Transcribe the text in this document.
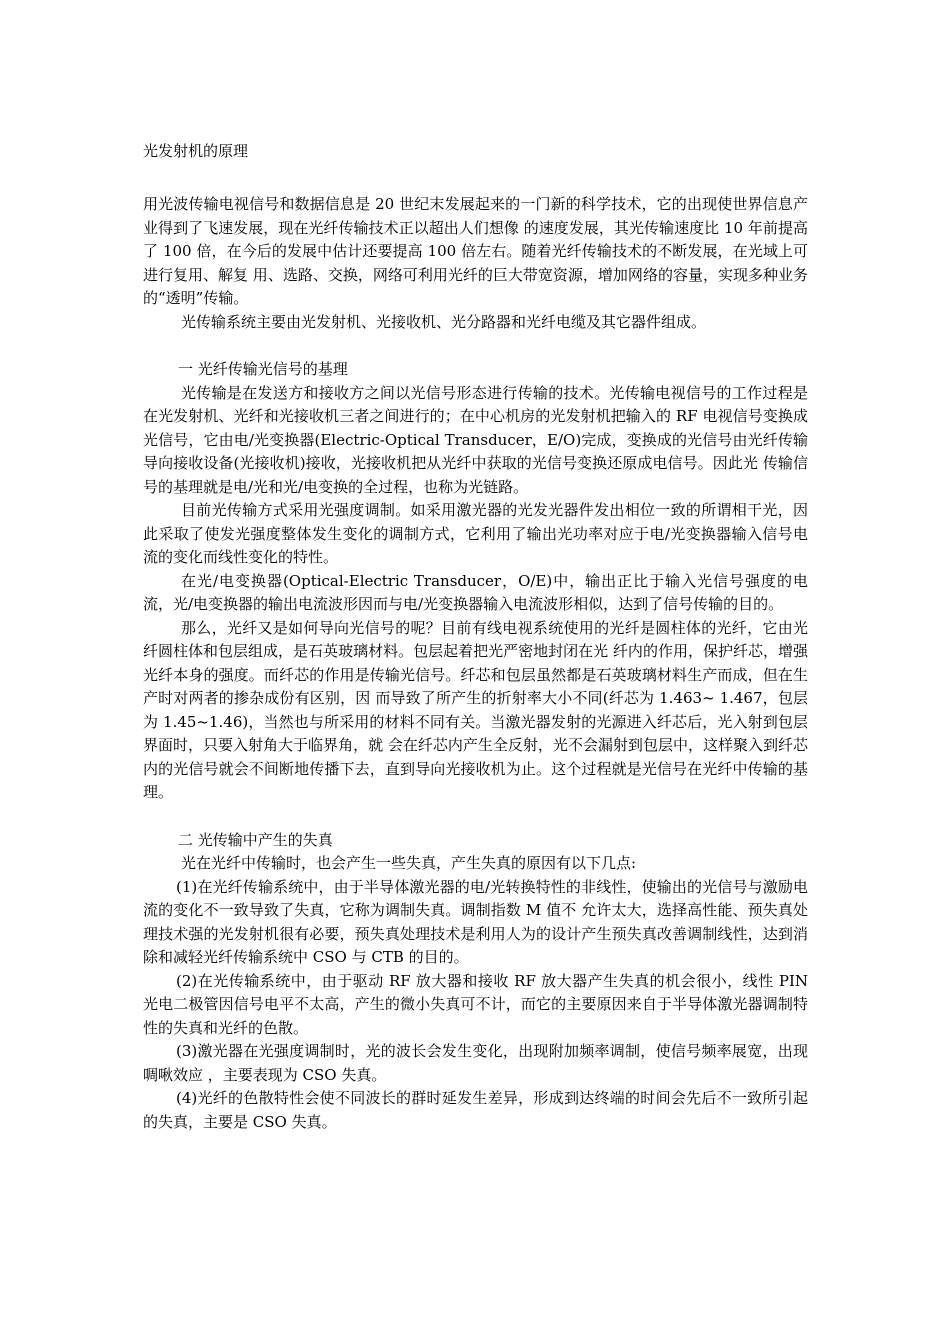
光发射机的原理

用光波传输电视信号和数据信息是 20 世纪末发展起来的一门新的科学技术，它的出现使世界信息产业得到了飞速发展，现在光纤传输技术正以超出人们想像 的速度发展，其光传输速度比 10 年前提高了 100 倍，在今后的发展中估计还要提高 100 倍左右。随着光纤传输技术的不断发展，在光域上可进行复用、解复 用、选路、交换，网络可利用光纤的巨大带宽资源，增加网络的容量，实现多种业务的“透明”传输。

光传输系统主要由光发射机、光接收机、光分路器和光纤电缆及其它器件组成。

一 光纤传输光信号的基理

光传输是在发送方和接收方之间以光信号形态进行传输的技术。光传输电视信号的工作过程是在光发射机、光纤和光接收机三者之间进行的；在中心机房的光发射机把输入的 RF 电视信号变换成光信号，它由电/光变换器(Electric-Optical Transducer，E/O)完成，变换成的光信号由光纤传输导向接收设备(光接收机)接收，光接收机把从光纤中获取的光信号变换还原成电信号。因此光 传输信号的基理就是电/光和光/电变换的全过程，也称为光链路。

目前光传输方式采用光强度调制。如采用激光器的光发光器件发出相位一致的所谓相干光，因此采取了使发光强度整体发生变化的调制方式，它利用了输出光功率对应于电/光变换器输入信号电流的变化而线性变化的特性。

在光/电变换器(Optical-Electric Transducer，O/E)中，输出正比于输入光信号强度的电流，光/电变换器的输出电流波形因而与电/光变换器输入电流波形相似，达到了信号传输的目的。

那么，光纤又是如何导向光信号的呢？目前有线电视系统使用的光纤是圆柱体的光纤，它由光纤圆柱体和包层组成，是石英玻璃材料。包层起着把光严密地封闭在光 纤内的作用，保护纤芯，增强光纤本身的强度。而纤芯的作用是传输光信号。纤芯和包层虽然都是石英玻璃材料生产而成，但在生产时对两者的掺杂成份有区别，因 而导致了所产生的折射率大小不同(纤芯为 1.463~ 1.467，包层为 1.45~1.46)，当然也与所采用的材料不同有关。当激光器发射的光源进入纤芯后，光入射到包层界面时，只要入射角大于临界角，就 会在纤芯内产生全反射，光不会漏射到包层中，这样聚入到纤芯内的光信号就会不间断地传播下去，直到导向光接收机为止。这个过程就是光信号在光纤中传输的基 理。

二 光传输中产生的失真

光在光纤中传输时，也会产生一些失真，产生失真的原因有以下几点:

(1)在光纤传输系统中，由于半导体激光器的电/光转换特性的非线性，使输出的光信号与激励电流的变化不一致导致了失真，它称为调制失真。调制指数 M 值不 允许太大，选择高性能、预失真处理技术强的光发射机很有必要，预失真处理技术是利用人为的设计产生预失真改善调制线性，达到消除和减轻光纤传输系统中 CSO 与 CTB 的目的。

(2)在光传输系统中，由于驱动 RF 放大器和接收 RF 放大器产生失真的机会很小，线性 PIN 光电二极管因信号电平不太高，产生的微小失真可不计，而它的主要原因来自于半导体激光器调制特性的失真和光纤的色散。

(3)激光器在光强度调制时，光的波长会发生变化，出现附加频率调制，使信号频率展宽，出现啁啾效应 ，主要表现为 CSO 失真。

(4)光纤的色散特性会使不同波长的群时延发生差异，形成到达终端的时间会先后不一致所引起的失真，主要是 CSO 失真。
